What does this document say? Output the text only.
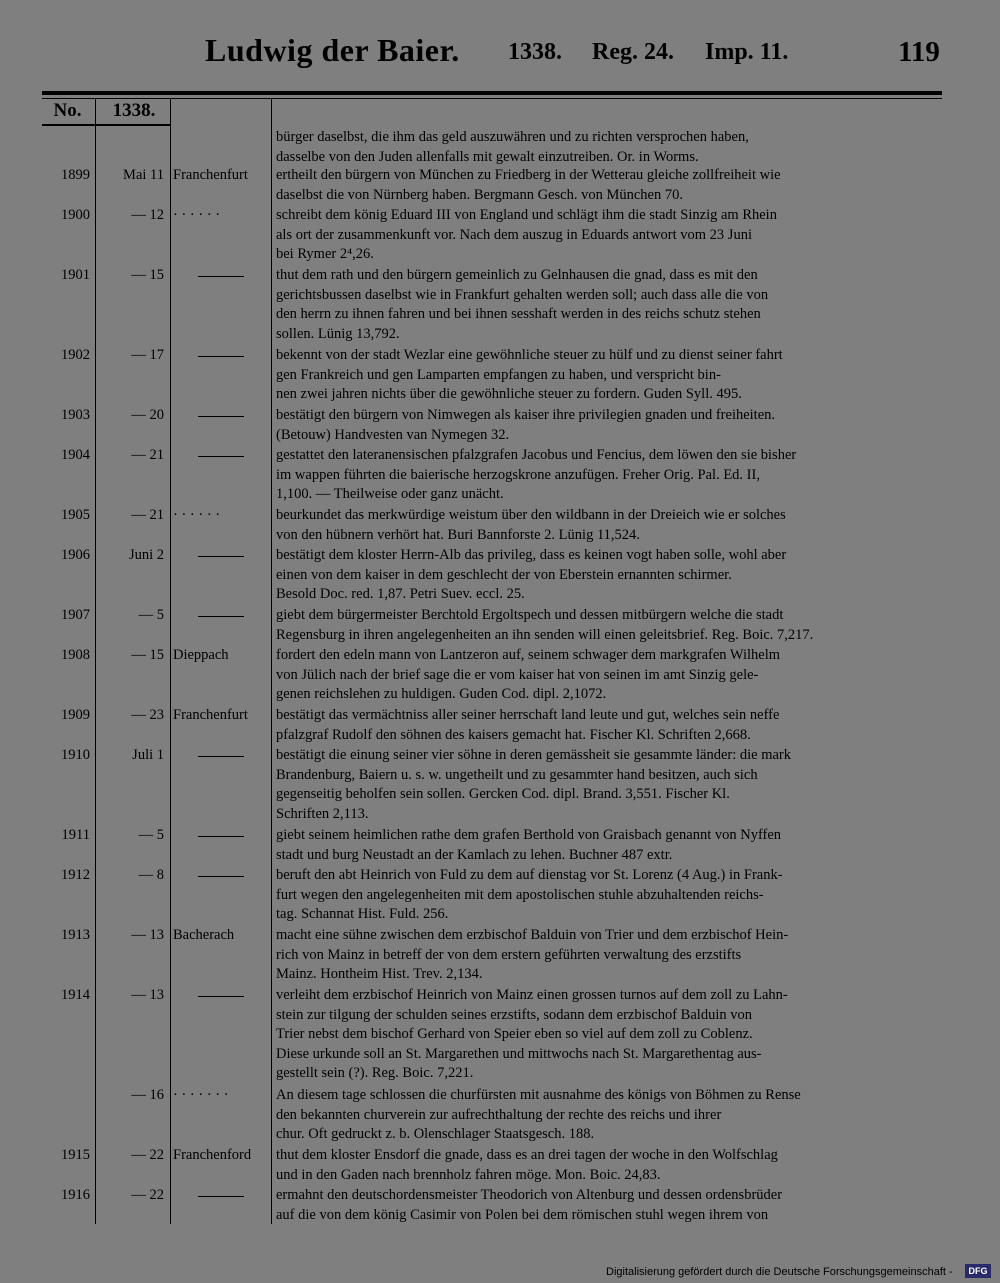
Ludwig der Baier. 1338. Reg. 24. Imp. 11.	119
No.	1338.
bürger daselbst, die ihm das geld auszuwähren und zu richten versprochen haben,
dasselbe von den Juden allenfalls mit gewalt einzutreiben. Or. in Worms.
1899	Mai 11 Franchenfurt	ertheilt den bürgern von München zu Friedberg in der Wetterau gleiche zollfreiheit wie
daselbst die von Nürnberg haben. Bergmann Gesch. von München 70.
1900	— 12 · · · · · ·	schreibt dem könig Eduard III von England und schlägt ihm die stadt Sinzig am Rhein
als ort der zusammenkunft vor. Nach dem auszug in Eduards antwort vom 23 Juni
bei Rymer 2⁴,26.
1901	— 15	thut dem rath und den bürgern gemeinlich zu Gelnhausen die gnad, dass es mit den
gerichtsbussen daselbst wie in Frankfurt gehalten werden soll; auch dass alle die von
den herrn zu ihnen fahren und bei ihnen sesshaft werden in des reichs schutz stehen
sollen. Lünig 13,792.
1902	— 17	bekennt von der stadt Wezlar eine gewöhnliche steuer zu hülf und zu dienst seiner fahrt
gen Frankreich und gen Lamparten empfangen zu haben, und verspricht bin-
nen zwei jahren nichts über die gewöhnliche steuer zu fordern. Guden Syll. 495.
1903	— 20	bestätigt den bürgern von Nimwegen als kaiser ihre privilegien gnaden und freiheiten.
(Betouw) Handvesten van Nymegen 32.
1904	— 21	gestattet den lateranensischen pfalzgrafen Jacobus und Fencius, dem löwen den sie bisher
im wappen führten die baierische herzogskrone anzufügen. Freher Orig. Pal. Ed. II,
1,100. — Theilweise oder ganz unächt.
1905	— 21 · · · · · ·	beurkundet das merkwürdige weistum über den wildbann in der Dreieich wie er solches
von den hübnern verhört hat. Buri Bannforste 2. Lünig 11,524.
1906	Juni 2	bestätigt dem kloster Herrn-Alb das privileg, dass es keinen vogt haben solle, wohl aber
einen von dem kaiser in dem geschlecht der von Eberstein ernannten schirmer.
Besold Doc. red. 1,87. Petri Suev. eccl. 25.
1907	— 5	giebt dem bürgermeister Berchtold Ergoltspech und dessen mitbürgern welche die stadt
Regensburg in ihren angelegenheiten an ihn senden will einen geleitsbrief. Reg. Boic. 7,217.
1908	— 15 Dieppach	fordert den edeln mann von Lantzeron auf, seinem schwager dem markgrafen Wilhelm
von Jülich nach der brief sage die er vom kaiser hat von seinen im amt Sinzig gele-
genen reichslehen zu huldigen. Guden Cod. dipl. 2,1072.
1909	— 23 Franchenfurt	bestätigt das vermächtniss aller seiner herrschaft land leute und gut, welches sein neffe
pfalzgraf Rudolf den söhnen des kaisers gemacht hat. Fischer Kl. Schriften 2,668.
1910	Juli 1	bestätigt die einung seiner vier söhne in deren gemässheit sie gesammte länder: die mark
Brandenburg, Baiern u. s. w. ungetheilt und zu gesammter hand besitzen, auch sich
gegenseitig beholfen sein sollen. Gercken Cod. dipl. Brand. 3,551. Fischer Kl.
Schriften 2,113.
1911	— 5	giebt seinem heimlichen rathe dem grafen Berthold von Graisbach genannt von Nyffen
stadt und burg Neustadt an der Kamlach zu lehen. Buchner 487 extr.
1912	— 8	beruft den abt Heinrich von Fuld zu dem auf dienstag vor St. Lorenz (4 Aug.) in Frank-
furt wegen den angelegenheiten mit dem apostolischen stuhle abzuhaltenden reichs-
tag. Schannat Hist. Fuld. 256.
1913	— 13 Bacherach	macht eine sühne zwischen dem erzbischof Balduin von Trier und dem erzbischof Hein-
rich von Mainz in betreff der von dem erstern geführten verwaltung des erzstifts
Mainz. Hontheim Hist. Trev. 2,134.
1914	— 13	verleiht dem erzbischof Heinrich von Mainz einen grossen turnos auf dem zoll zu Lahn-
stein zur tilgung der schulden seines erzstifts, sodann dem erzbischof Balduin von
Trier nebst dem bischof Gerhard von Speier eben so viel auf dem zoll zu Coblenz.
Diese urkunde soll an St. Margarethen und mittwochs nach St. Margarethentag aus-
gestellt sein (?). Reg. Boic. 7,221.
— 16 · · · · · · ·	An diesem tage schlossen die churfürsten mit ausnahme des königs von Böhmen zu Rense
den bekannten churverein zur aufrechthaltung der rechte des reichs und ihrer
chur. Oft gedruckt z. b. Olenschlager Staatsgesch. 188.
1915	— 22 Franchenford	thut dem kloster Ensdorf die gnade, dass es an drei tagen der woche in den Wolfschlag
und in den Gaden nach brennholz fahren möge. Mon. Boic. 24,83.
1916	— 22	ermahnt den deutschordensmeister Theodorich von Altenburg und dessen ordensbrüder
auf die von dem könig Casimir von Polen bei dem römischen stuhl wegen ihrem von
Digitalisierung gefördert durch die Deutsche Forschungsgemeinschaft -	DFG
